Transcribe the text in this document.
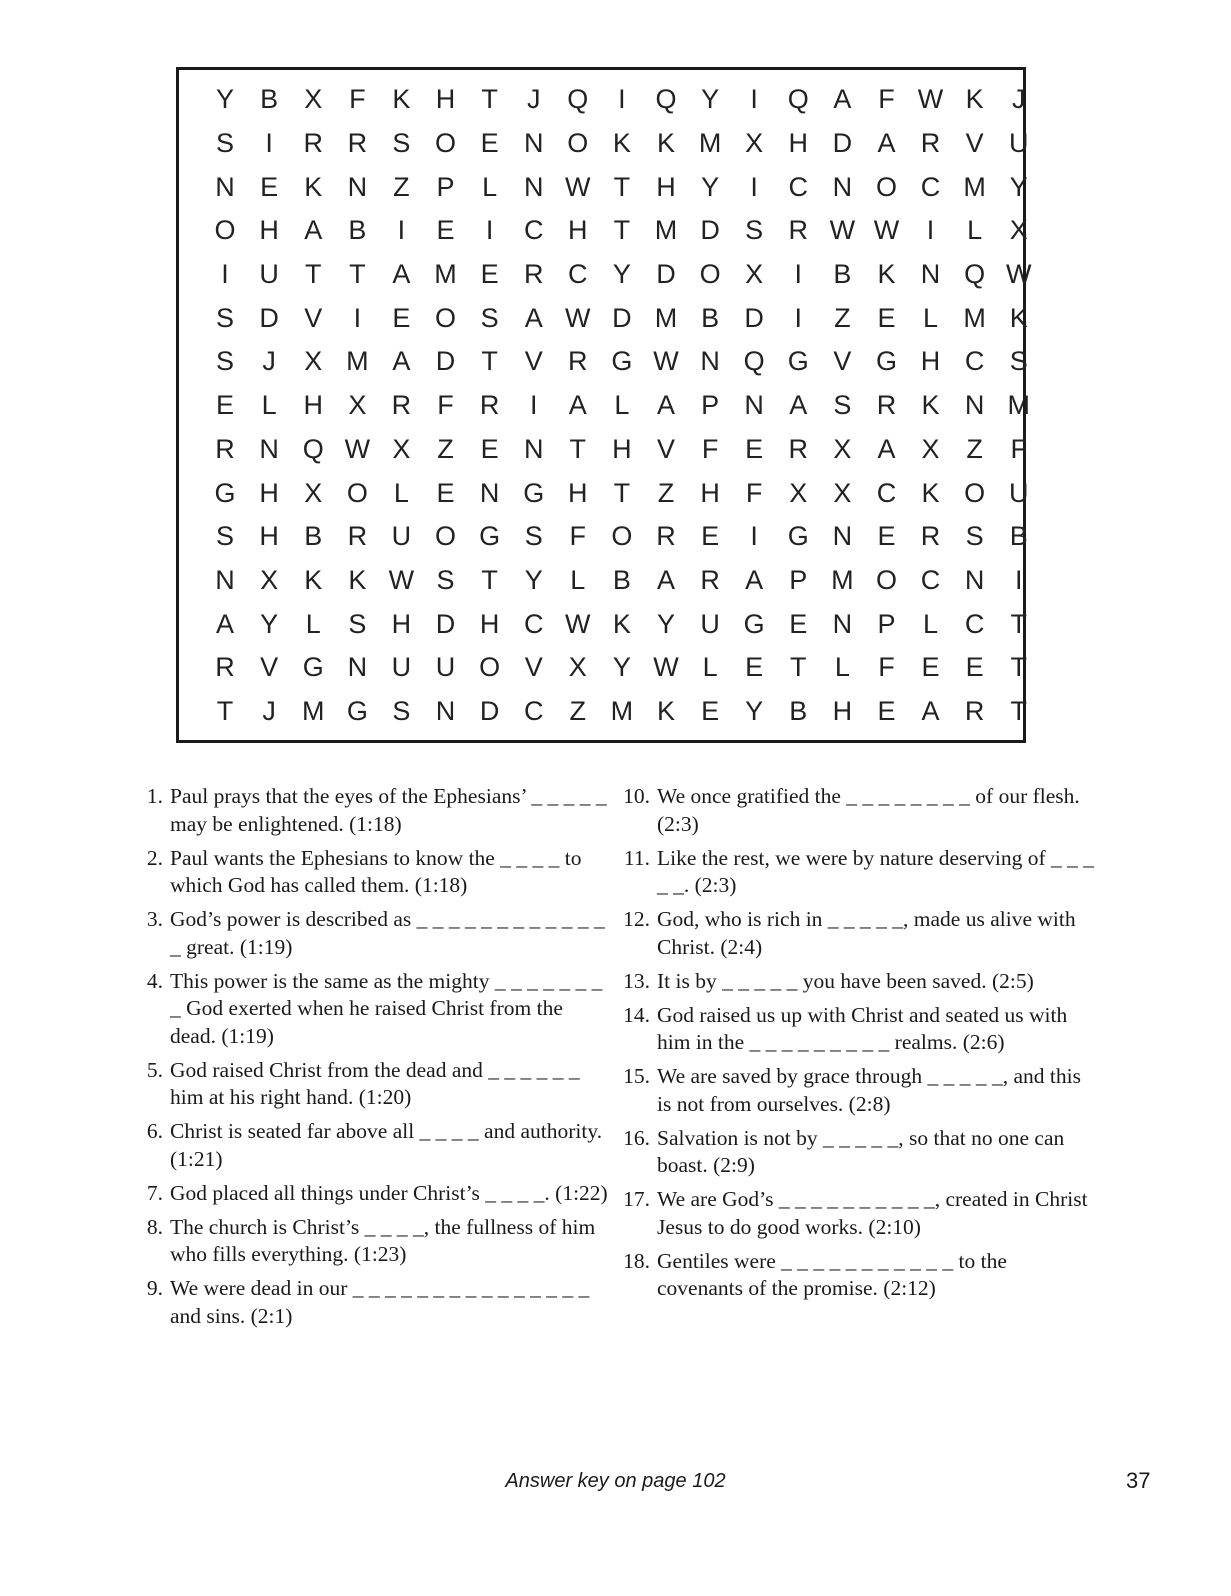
Y B X F K H T	J Q	I	Q Y	I	Q A F W K	J
S	I	R R S O E N O K K M X H D A R V U
N E K N Z P	L N W T H Y	I	C N O C M Y
O H A B	I	E	I	C H T M D S R W W	I	L	X
I	U T	T A M E R C Y D O X	I	B K N Q W
S D V	I	E O S A W D M B D	I	Z E	L M K
S	J	X M A D T V R G W N Q G V G H C S
E	L H X R F R	I	A	L	A P N A S R K N M
R N Q W X Z E N T H V F E R X A X Z	F
G H X O L	E N G H T	Z H F X X C K O U
S H B R U O G S F O R E	I	G N E R S B
N X K K W S T Y	L	B A R A P M O C N	I
A Y	L	S H D H C W K Y U G E N P	L C T
R V G N U U O V X Y W L	E T	L	F E E T
T	J M G S N D C Z M K E Y B H E A R T
1. Paul prays that the eyes of the Ephesians’ _ _ _ _ _ may be enlightened. (1:18)
2. Paul wants the Ephesians to know the _ _ _ _ to which God has called them. (1:18)
3. God’s power is described as _ _ _ _ _ _ _ _ _ _ _ _ _ great. (1:19)
4. This power is the same as the mighty _ _ _ _ _ _ _ _ God exerted when he raised Christ from the dead. (1:19)
5. God raised Christ from the dead and _ _ _ _ _ _ him at his right hand. (1:20)
6. Christ is seated far above all _ _ _ _ and authority. (1:21)
7. God placed all things under Christ’s _ _ _ _. (1:22)
8. The church is Christ’s _ _ _ _, the fullness of him who fills everything. (1:23)
9. We were dead in our _ _ _ _ _ _ _ _ _ _ _ _ _ _ _ and sins. (2:1)
10. We once gratified the _ _ _ _ _ _ _ _ of our flesh. (2:3)
11. Like the rest, we were by nature deserving of _ _ _ _ _. (2:3)
12. God, who is rich in _ _ _ _ _, made us alive with Christ. (2:4)
13. It is by _ _ _ _ _ you have been saved. (2:5)
14. God raised us up with Christ and seated us with him in the _ _ _ _ _ _ _ _ _ realms. (2:6)
15. We are saved by grace through _ _ _ _ _, and this is not from ourselves. (2:8)
16. Salvation is not by _ _ _ _ _, so that no one can boast. (2:9)
17. We are God’s _ _ _ _ _ _ _ _ _ _, created in Christ Jesus to do good works. (2:10)
18. Gentiles were _ _ _ _ _ _ _ _ _ _ _ to the covenants of the promise. (2:12)
Answer key on page 102	37
